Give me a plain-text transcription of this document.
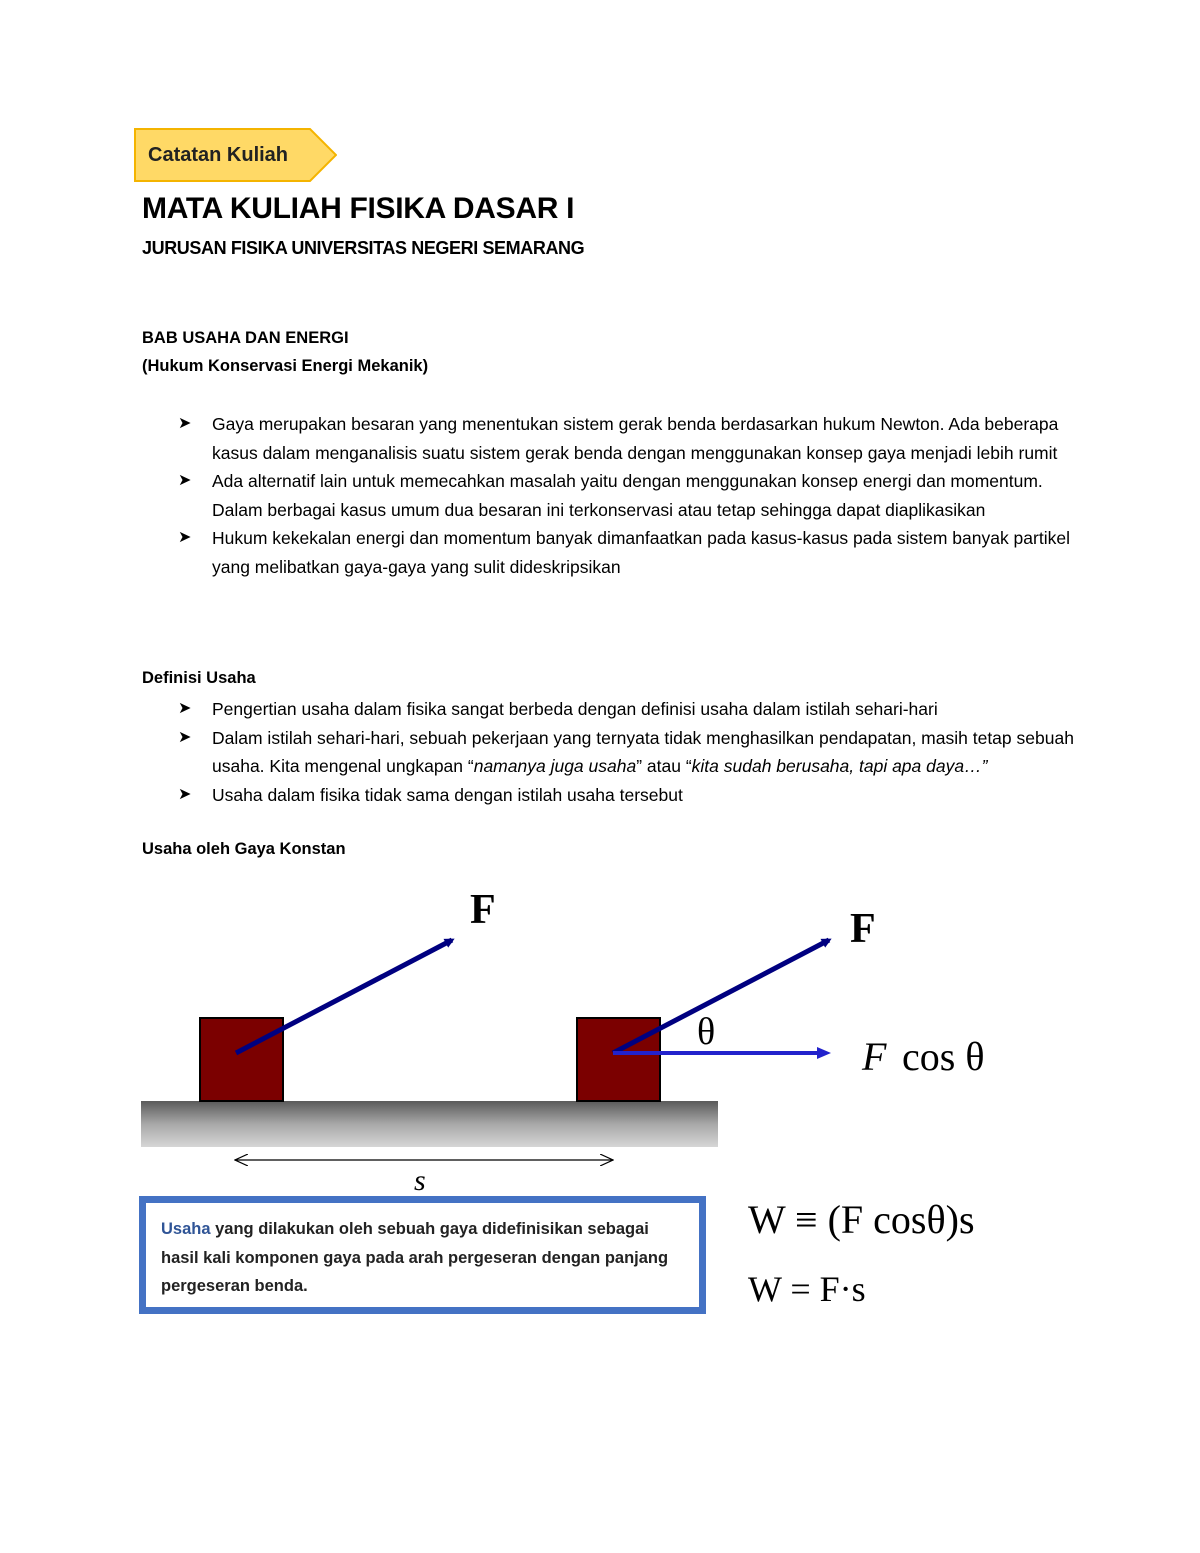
Catatan Kuliah
MATA KULIAH FISIKA DASAR I
JURUSAN FISIKA UNIVERSITAS NEGERI SEMARANG
BAB USAHA DAN ENERGI
(Hukum Konservasi Energi Mekanik)
➤ Gaya merupakan besaran yang menentukan sistem gerak benda berdasarkan hukum Newton. Ada beberapa kasus dalam menganalisis suatu sistem gerak benda dengan menggunakan konsep gaya menjadi lebih rumit
➤ Ada alternatif lain untuk memecahkan masalah yaitu dengan menggunakan konsep energi dan momentum. Dalam berbagai kasus umum dua besaran ini terkonservasi atau tetap sehingga dapat diaplikasikan
➤ Hukum kekekalan energi dan momentum banyak dimanfaatkan pada kasus-kasus pada sistem banyak partikel yang melibatkan gaya-gaya yang sulit dideskripsikan
Definisi Usaha
➤ Pengertian usaha dalam fisika sangat berbeda dengan definisi usaha dalam istilah sehari-hari
➤ Dalam istilah sehari-hari, sebuah pekerjaan yang ternyata tidak menghasilkan pendapatan, masih tetap sebuah usaha. Kita mengenal ungkapan “namanya juga usaha” atau “kita sudah berusaha, tapi apa daya…”
➤ Usaha dalam fisika tidak sama dengan istilah usaha tersebut
Usaha oleh Gaya Konstan
F	F
θ
F cos θ
s
Usaha yang dilakukan oleh sebuah gaya didefinisikan sebagai hasil kali komponen gaya pada arah pergeseran dengan panjang pergeseran benda.
W ≡ (F cosθ)s
W = F·s
